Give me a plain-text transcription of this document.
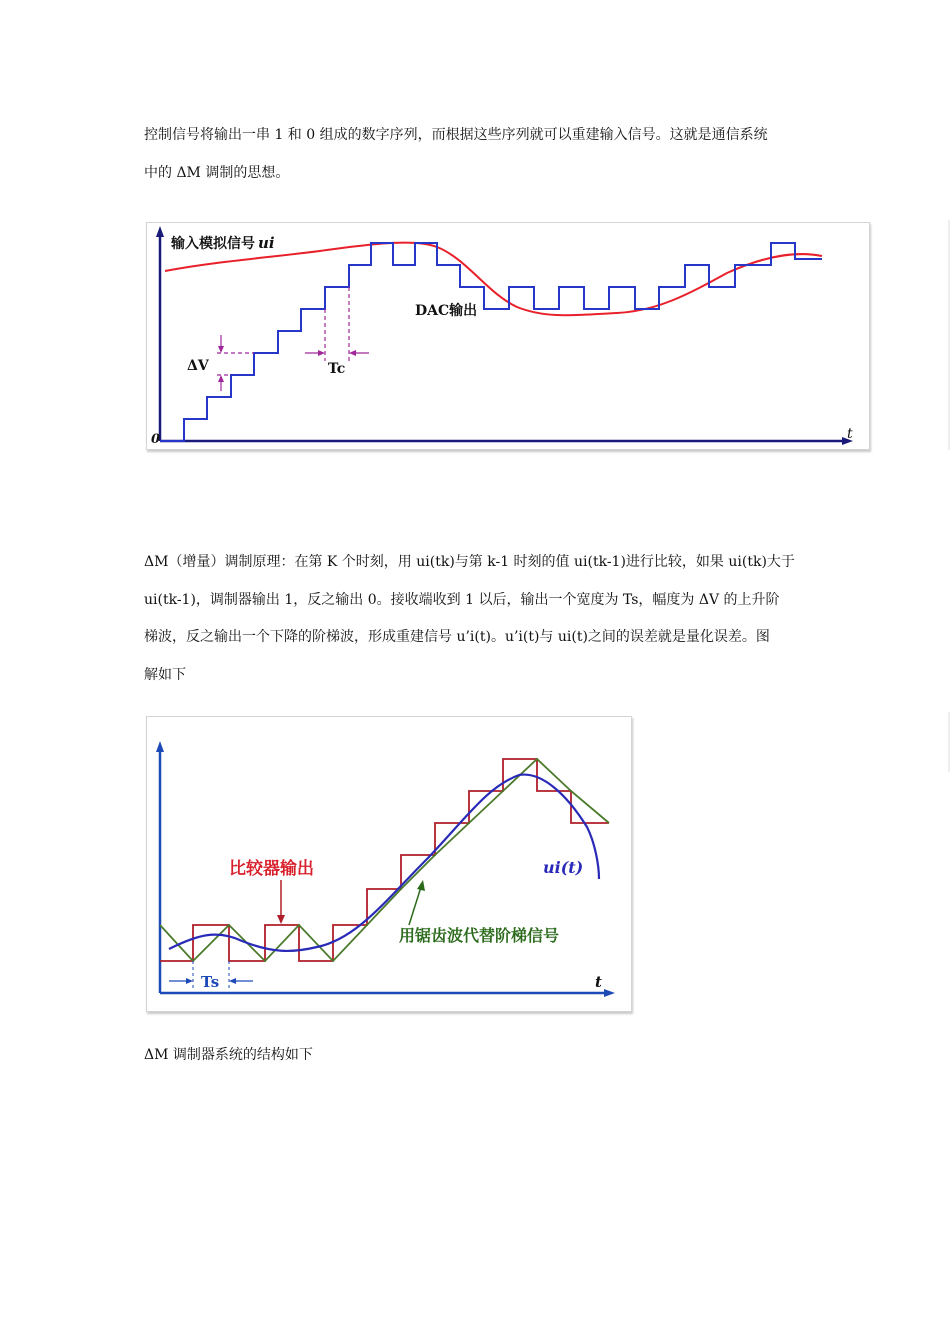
控制信号将输出一串 1 和 0 组成的数字序列，而根据这些序列就可以重建输入信号。这就是通信系统
中的 ΔM 调制的思想。

0	t
ΔV	Tc
输入模拟信号 ui
DAC输出

ΔM（增量）调制原理：在第 K 个时刻，用 ui(tk)与第 k-1 时刻的值 ui(tk-1)进行比较，如果 ui(tk)大于
ui(tk-1)，调制器输出 1，反之输出 0。接收端收到 1 以后，输出一个宽度为 Ts，幅度为 ΔV 的上升阶
梯波，反之输出一个下降的阶梯波，形成重建信号 u’i(t)。u’i(t)与 ui(t)之间的误差就是量化误差。图
解如下

t
比较器输出	ui(t)
用锯齿波代替阶梯信号
Ts

ΔM 调制器系统的结构如下
